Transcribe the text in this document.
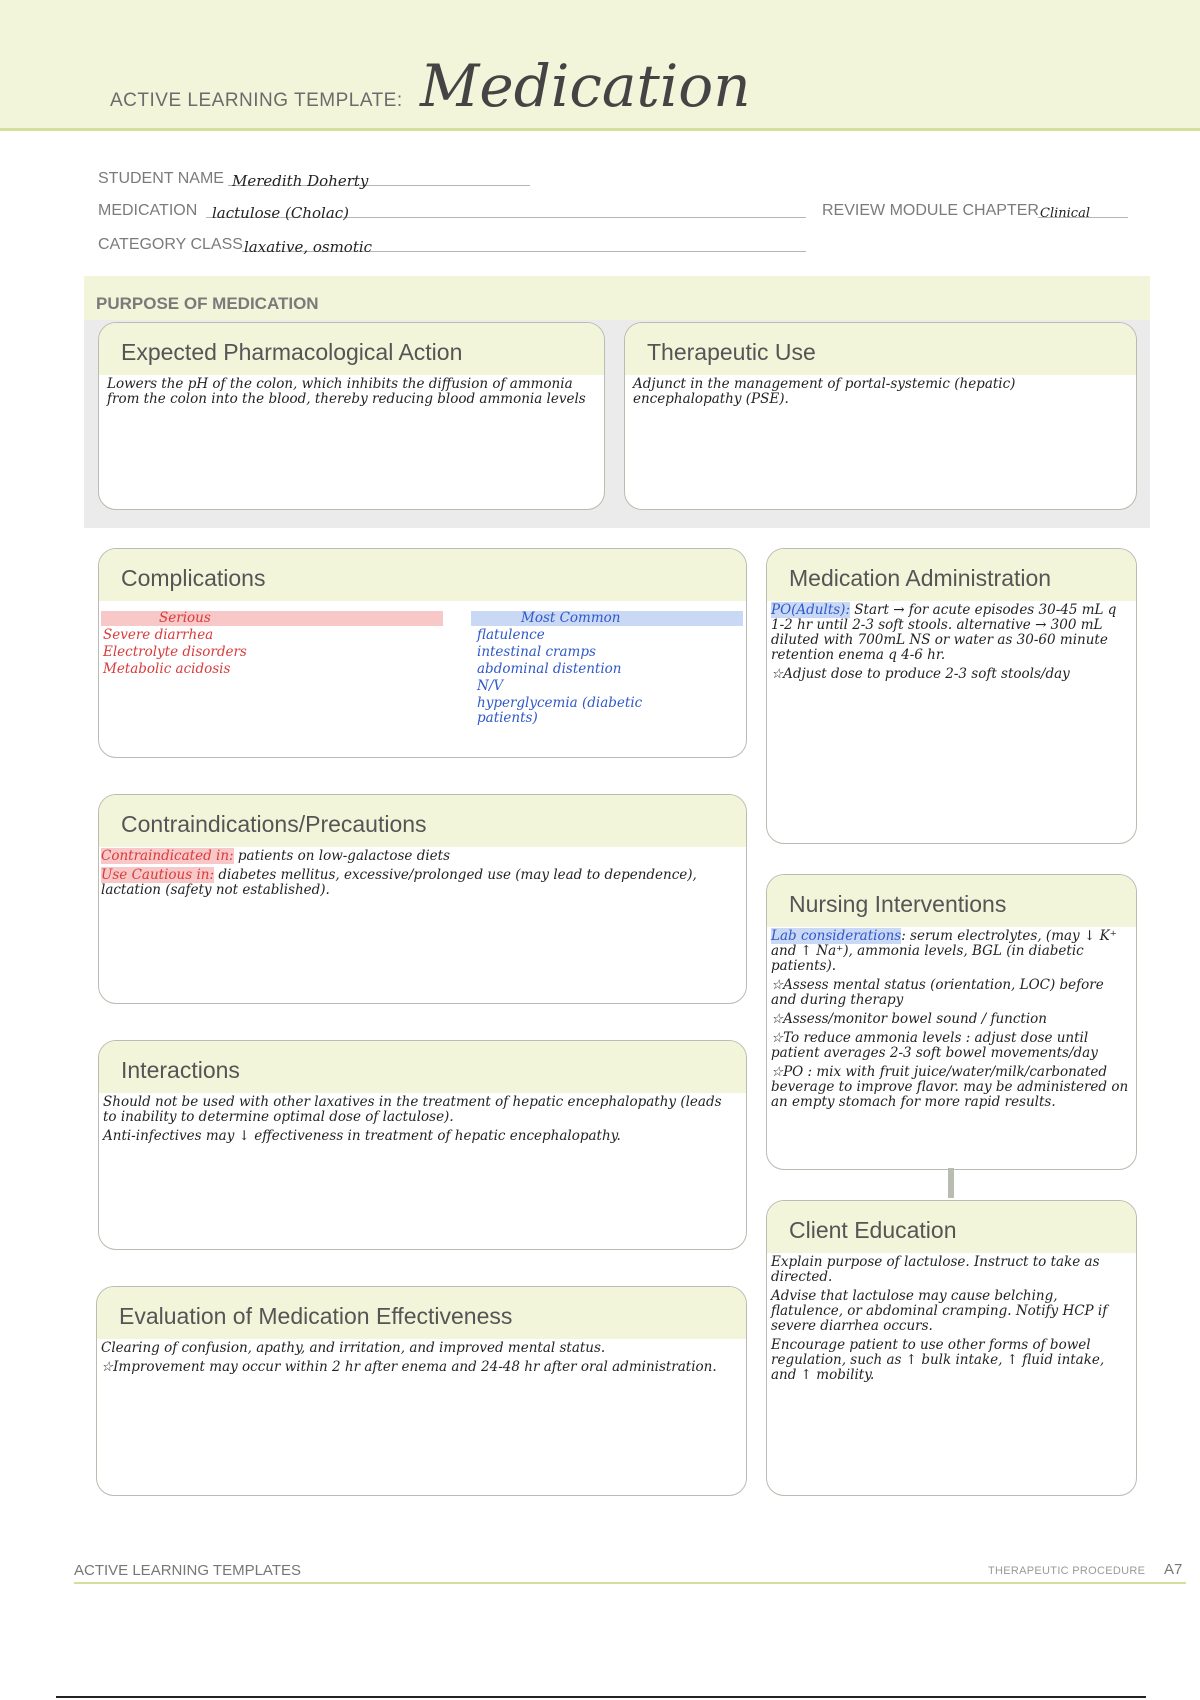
ACTIVE LEARNING TEMPLATE: Medication
STUDENT NAME Meredith Doherty
MEDICATION lactulose (Cholac)	REVIEW MODULE CHAPTER Clinical
CATEGORY CLASS laxative, osmotic
PURPOSE OF MEDICATION
Expected Pharmacological Action

Lowers the pH of the colon, which inhibits the diffusion of ammonia from the colon into the blood, thereby reducing blood ammonia levels

Therapeutic Use

Adjunct in the management of portal-systemic (hepatic) encephalopathy (PSE).

Complications
Serious
Severe diarrhea
Electrolyte disorders
Metabolic acidosis
Most Common
flatulence
intestinal cramps
abdominal distention
N/V
hyperglycemia (diabetic patients)
Medication Administration

PO(Adults): Start → for acute episodes 30-45 mL q 1-2 hr until 2-3 soft stools. alternative → 300 mL diluted with 700mL NS or water as 30-60 minute retention enema q 4-6 hr.

☆Adjust dose to produce 2-3 soft stools/day

Contraindications/Precautions

Contraindicated in: patients on low-galactose diets

Use Cautious in: diabetes mellitus, excessive/prolonged use (may lead to dependence), lactation (safety not established).

Nursing Interventions

Lab considerations: serum electrolytes, (may ↓ K⁺ and ↑ Na⁺), ammonia levels, BGL (in diabetic patients).

☆Assess mental status (orientation, LOC) before and during therapy

☆Assess/monitor bowel sound / function

☆To reduce ammonia levels : adjust dose until patient averages 2-3 soft bowel movements/day

☆PO : mix with fruit juice/water/milk/carbonated beverage to improve flavor. may be administered on an empty stomach for more rapid results.

Interactions

Should not be used with other laxatives in the treatment of hepatic encephalopathy (leads to inability to determine optimal dose of lactulose).

Anti-infectives may ↓ effectiveness in treatment of hepatic encephalopathy.

Client Education

Explain purpose of lactulose. Instruct to take as directed.

Advise that lactulose may cause belching, flatulence, or abdominal cramping. Notify HCP if severe diarrhea occurs.

Encourage patient to use other forms of bowel regulation, such as ↑ bulk intake, ↑ fluid intake, and ↑ mobility.

Evaluation of Medication Effectiveness

Clearing of confusion, apathy, and irritation, and improved mental status.

☆Improvement may occur within 2 hr after enema and 24-48 hr after oral administration.

ACTIVE LEARNING TEMPLATES	THERAPEUTIC PROCEDURE A7
